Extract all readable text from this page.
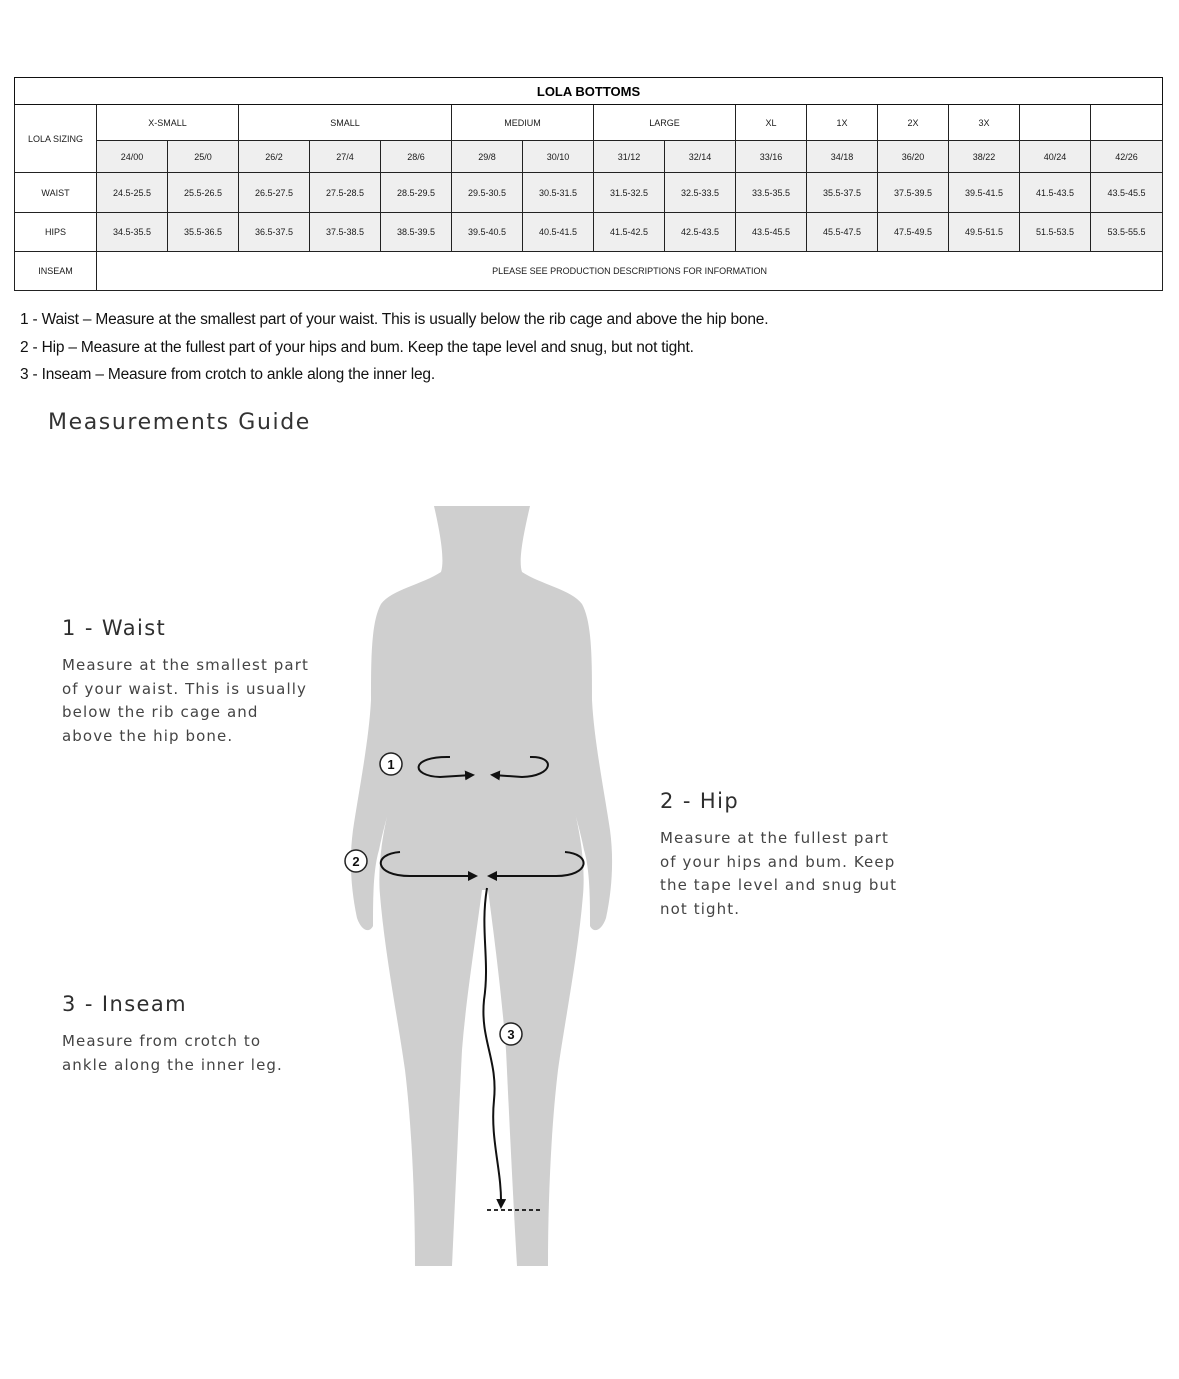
LOLA BOTTOMS															
LOLA SIZING	X-SMALL		SMALL			MEDIUM		LARGE		XL	1X	2X	3X		
	24/00	25/0	26/2	27/4	28/6	29/8	30/10	31/12	32/14	33/16	34/18	36/20	38/22	40/24	42/26
WAIST	24.5-25.5	25.5-26.5	26.5-27.5	27.5-28.5	28.5-29.5	29.5-30.5	30.5-31.5	31.5-32.5	32.5-33.5	33.5-35.5	35.5-37.5	37.5-39.5	39.5-41.5	41.5-43.5	43.5-45.5
HIPS	34.5-35.5	35.5-36.5	36.5-37.5	37.5-38.5	38.5-39.5	39.5-40.5	40.5-41.5	41.5-42.5	42.5-43.5	43.5-45.5	45.5-47.5	47.5-49.5	49.5-51.5	51.5-53.5	53.5-55.5
INSEAM	PLEASE SEE PRODUCTION DESCRIPTIONS FOR INFORMATION														
1 - Waist – Measure at the smallest part of your waist. This is usually below the rib cage and above the hip bone.
2 - Hip – Measure at the fullest part of your hips and bum. Keep the tape level and snug, but not tight.
3 - Inseam – Measure from crotch to ankle along the inner leg.
Measurements Guide
1 - Waist
Measure at the smallest part
of your waist. This is usually
below the rib cage and
above the hip bone.
2 - Hip
Measure at the fullest part
of your hips and bum. Keep
the tape level and snug but
not tight.
3 - Inseam
Measure from crotch to
ankle along the inner leg.
1
2
3
